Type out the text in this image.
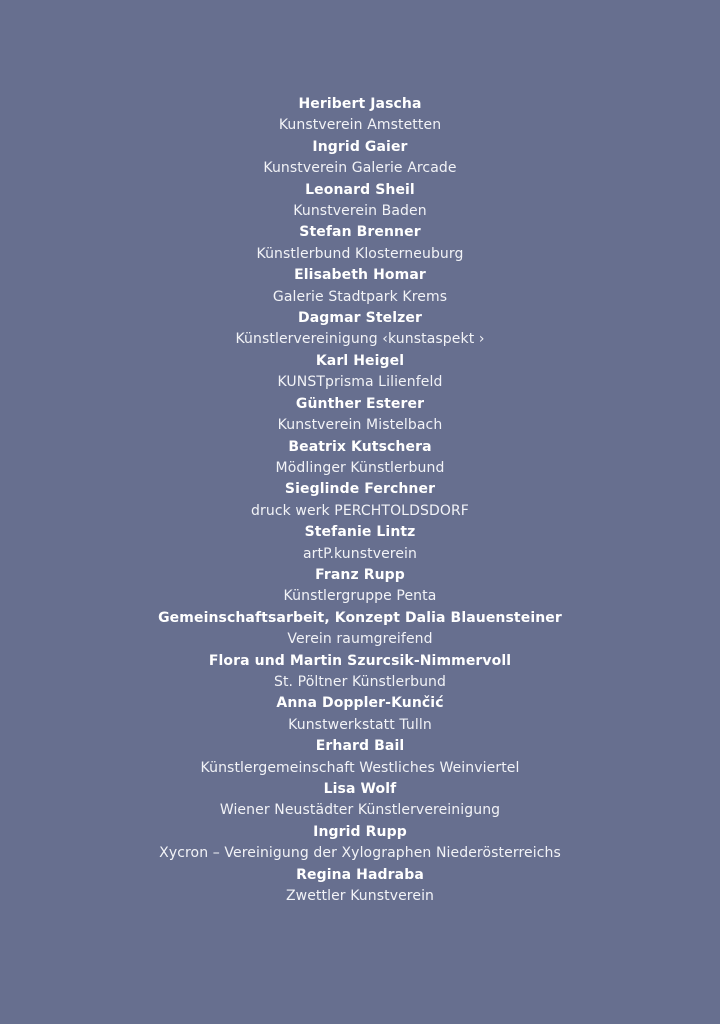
Heribert Jascha
Kunstverein Amstetten
Ingrid Gaier
Kunstverein Galerie Arcade
Leonard Sheil
Kunstverein Baden
Stefan Brenner
Künstlerbund Klosterneuburg
Elisabeth Homar
Galerie Stadtpark Krems
Dagmar Stelzer
Künstlervereinigung ‹kunstaspekt ›
Karl Heigel
KUNSTprisma Lilienfeld
Günther Esterer
Kunstverein Mistelbach
Beatrix Kutschera
Mödlinger Künstlerbund
Sieglinde Ferchner
druck werk PERCHTOLDSDORF
Stefanie Lintz
artP.kunstverein
Franz Rupp
Künstlergruppe Penta
Gemeinschaftsarbeit, Konzept Dalia Blauensteiner
Verein raumgreifend
Flora und Martin Szurcsik-Nimmervoll
St. Pöltner Künstlerbund
Anna Doppler-Kunčić
Kunstwerkstatt Tulln
Erhard Bail
Künstlergemeinschaft Westliches Weinviertel
Lisa Wolf
Wiener Neustädter Künstlervereinigung
Ingrid Rupp
Xycron – Vereinigung der Xylographen Niederösterreichs
Regina Hadraba
Zwettler Kunstverein
